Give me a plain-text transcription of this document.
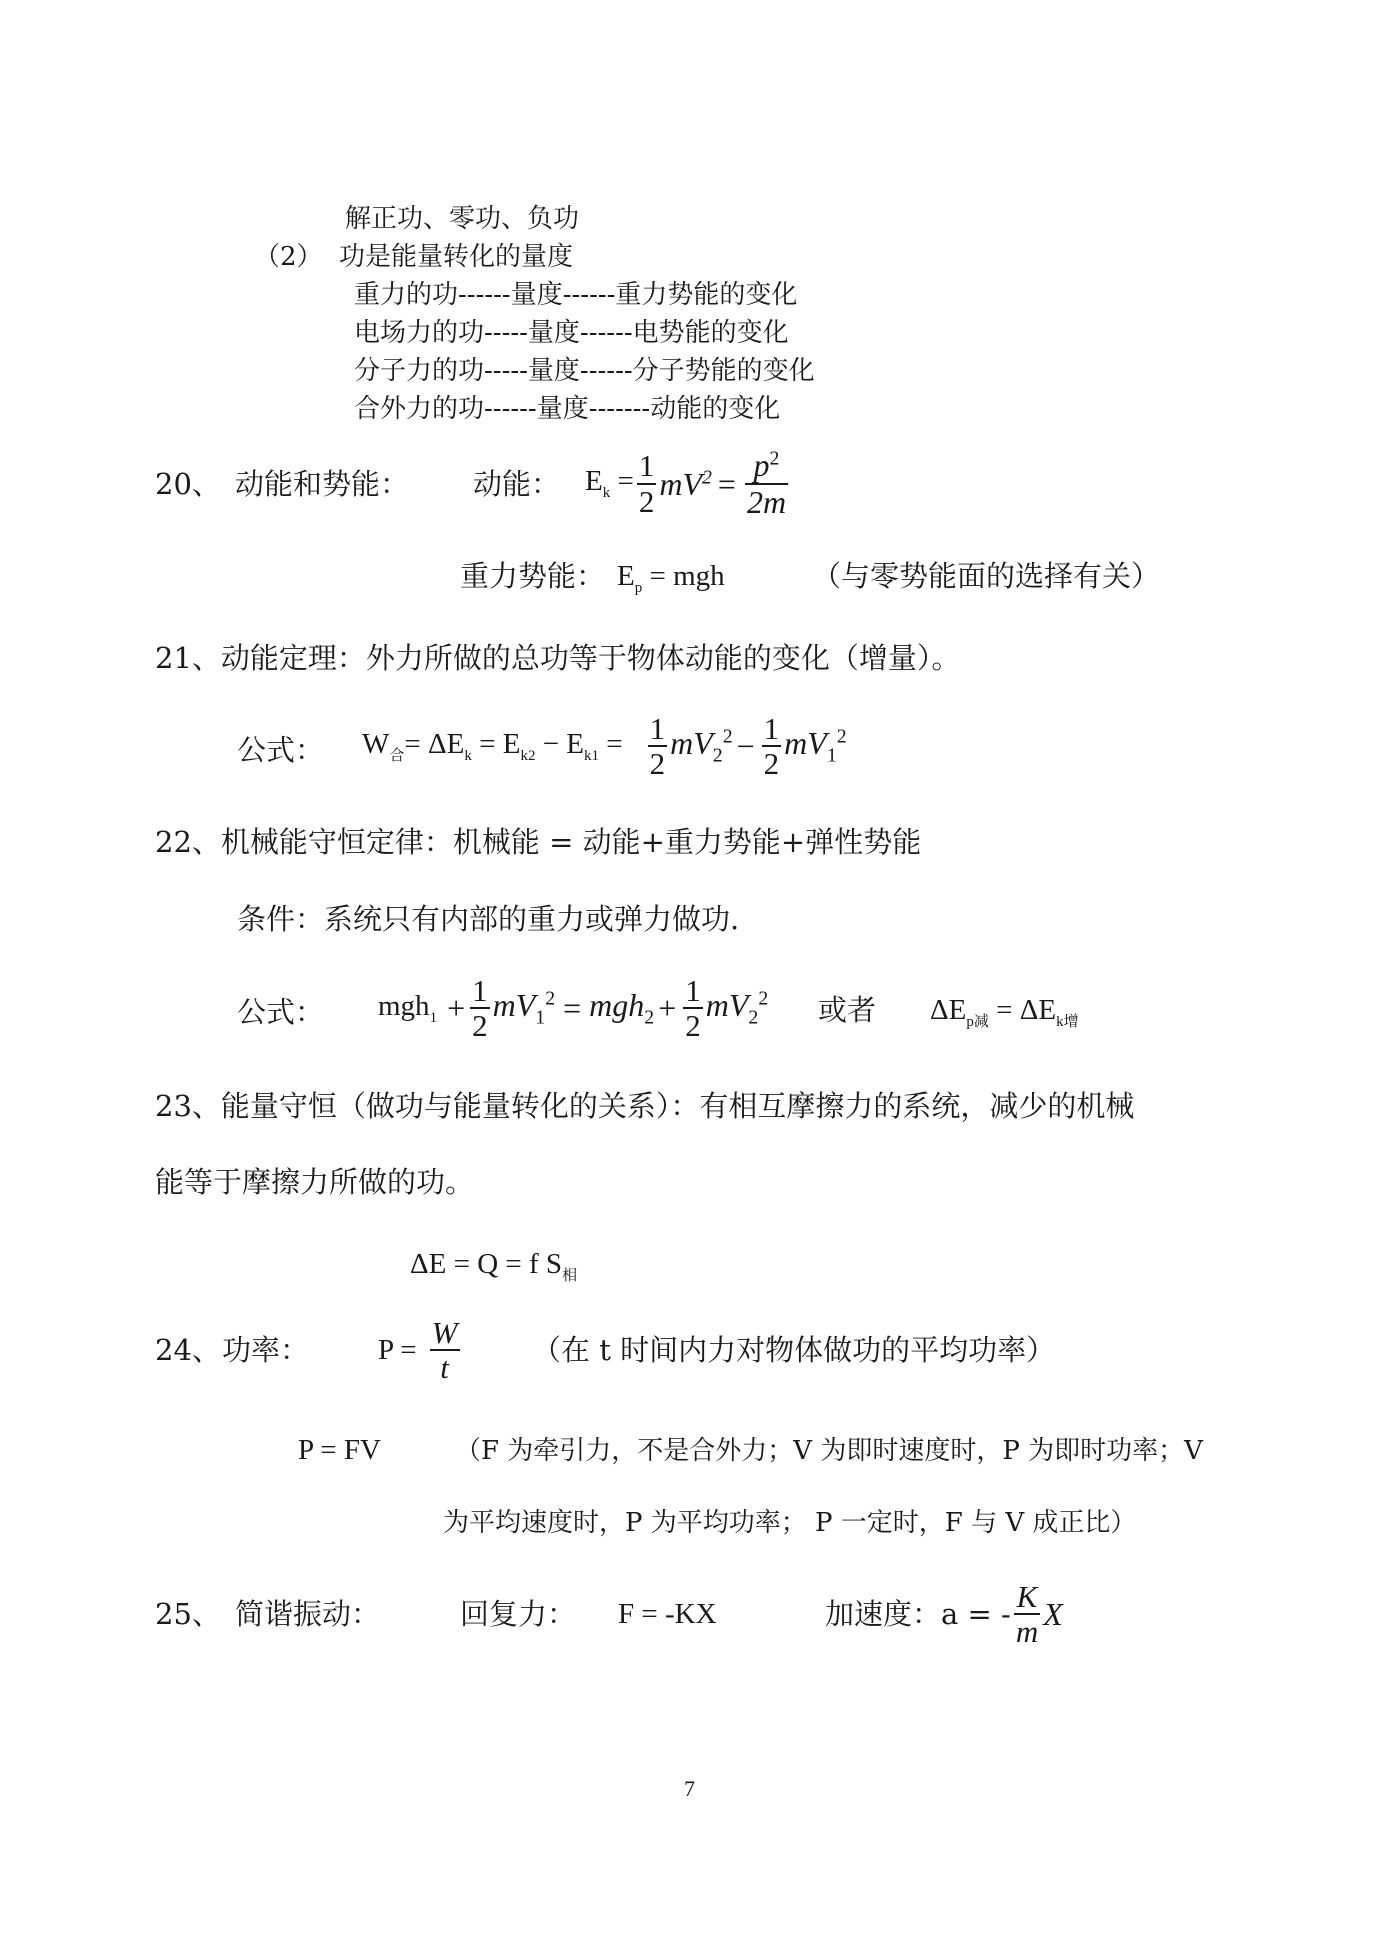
解正功、零功、负功
（2） 功是能量转化的量度
重力的功------量度------重力势能的变化
电场力的功-----量度------电势能的变化
分子力的功-----量度------分子势能的变化
合外力的功------量度-------动能的变化
20、 动能和势能： 动能： $E_k = \frac{1}{2} mV^2 = \frac{p^2}{2m}$
重力势能： $E_p$ = mgh	（与零势能面的选择有关）
21、动能定理：外力所做的总功等于物体动能的变化（增量）。
公式： $W_合= \Delta E_k = E_{k2} - E_{k1} = \frac{1}{2} mV_2^2 - \frac{1}{2} mV_1^2$
22、机械能守恒定律：机械能 = 动能+重力势能+弹性势能
条件：系统只有内部的重力或弹力做功.
公式： $mgh_1 + \frac{1}{2} mV_1^2 = mgh_2 + \frac{1}{2} mV_2^2$ 或者 $\Delta E_{p减} = \Delta E_{k增}$
23、能量守恒（做功与能量转化的关系）：有相互摩擦力的系统，减少的机械
能等于摩擦力所做的功。
ΔE = Q = f $S_相$
24、 功率： $P = \frac{W}{t}$	（在 t 时间内力对物体做功的平均功率）
P = FV	（F 为牵引力，不是合外力；V 为即时速度时，P 为即时功率；V
为平均速度时，P 为平均功率； P 一定时，F 与 V 成正比）
25、 简谐振动：	回复力： F = -KX	加速度：a = - $\frac{K}{m}$ X
7
